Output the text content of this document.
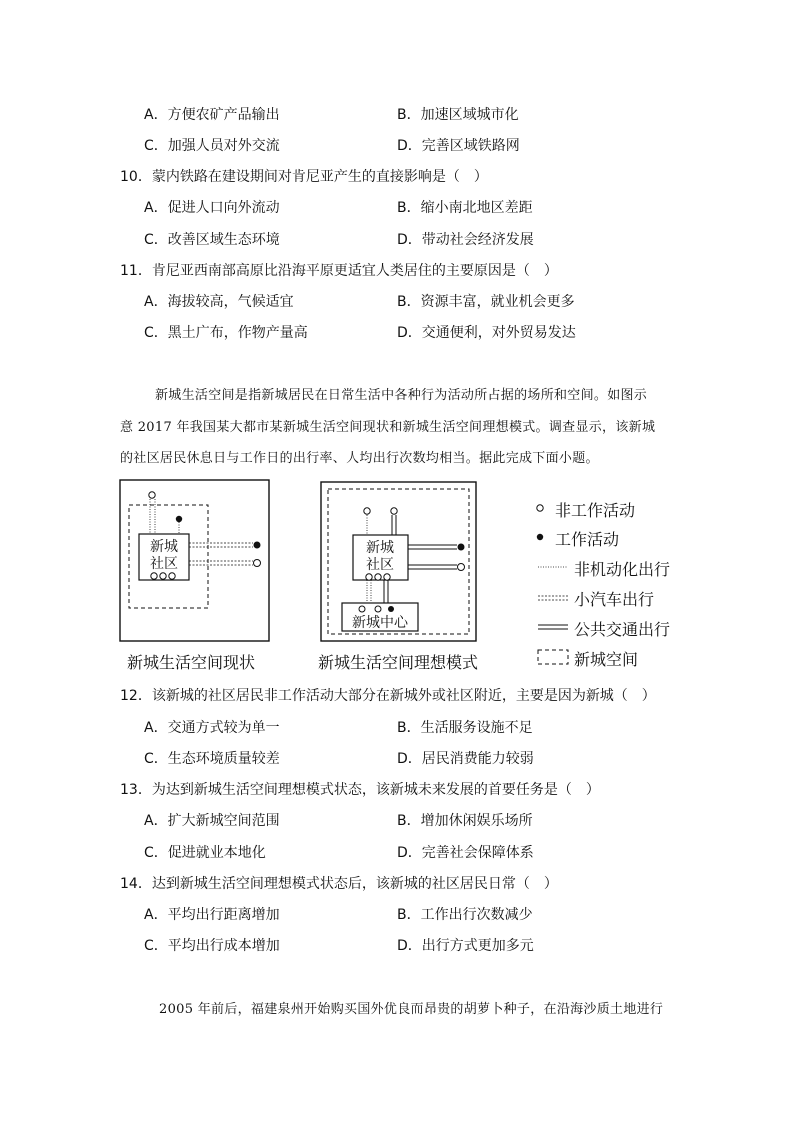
A．方便农矿产品输出	B．加速区域城市化
C．加强人员对外交流	D．完善区域铁路网
10．蒙内铁路在建设期间对肯尼亚产生的直接影响是（　）
A．促进人口向外流动	B．缩小南北地区差距
C．改善区域生态环境	D．带动社会经济发展
11．肯尼亚西南部高原比沿海平原更适宜人类居住的主要原因是（　）
A．海拔较高，气候适宜	B．资源丰富，就业机会更多
C．黑土广布，作物产量高	D．交通便利，对外贸易发达
新城生活空间是指新城居民在日常生活中各种行为活动所占据的场所和空间。如图示
意 2017 年我国某大都市某新城生活空间现状和新城生活空间理想模式。调查显示，该新城
的社区居民休息日与工作日的出行率、人均出行次数均相当。据此完成下面小题。
新城
社区
新城生活空间现状
新城
社区
新城中心
新城生活空间理想模式
非工作活动
工作活动
非机动化出行
小汽车出行
公共交通出行
新城空间
12．该新城的社区居民非工作活动大部分在新城外或社区附近，主要是因为新城（　）
A．交通方式较为单一	B．生活服务设施不足
C．生态环境质量较差	D．居民消费能力较弱
13．为达到新城生活空间理想模式状态，该新城未来发展的首要任务是（　）
A．扩大新城空间范围	B．增加休闲娱乐场所
C．促进就业本地化	D．完善社会保障体系
14．达到新城生活空间理想模式状态后，该新城的社区居民日常（　）
A．平均出行距离增加	B．工作出行次数减少
C．平均出行成本增加	D．出行方式更加多元
2005 年前后，福建泉州开始购买国外优良而昂贵的胡萝卜种子，在沿海沙质土地进行
